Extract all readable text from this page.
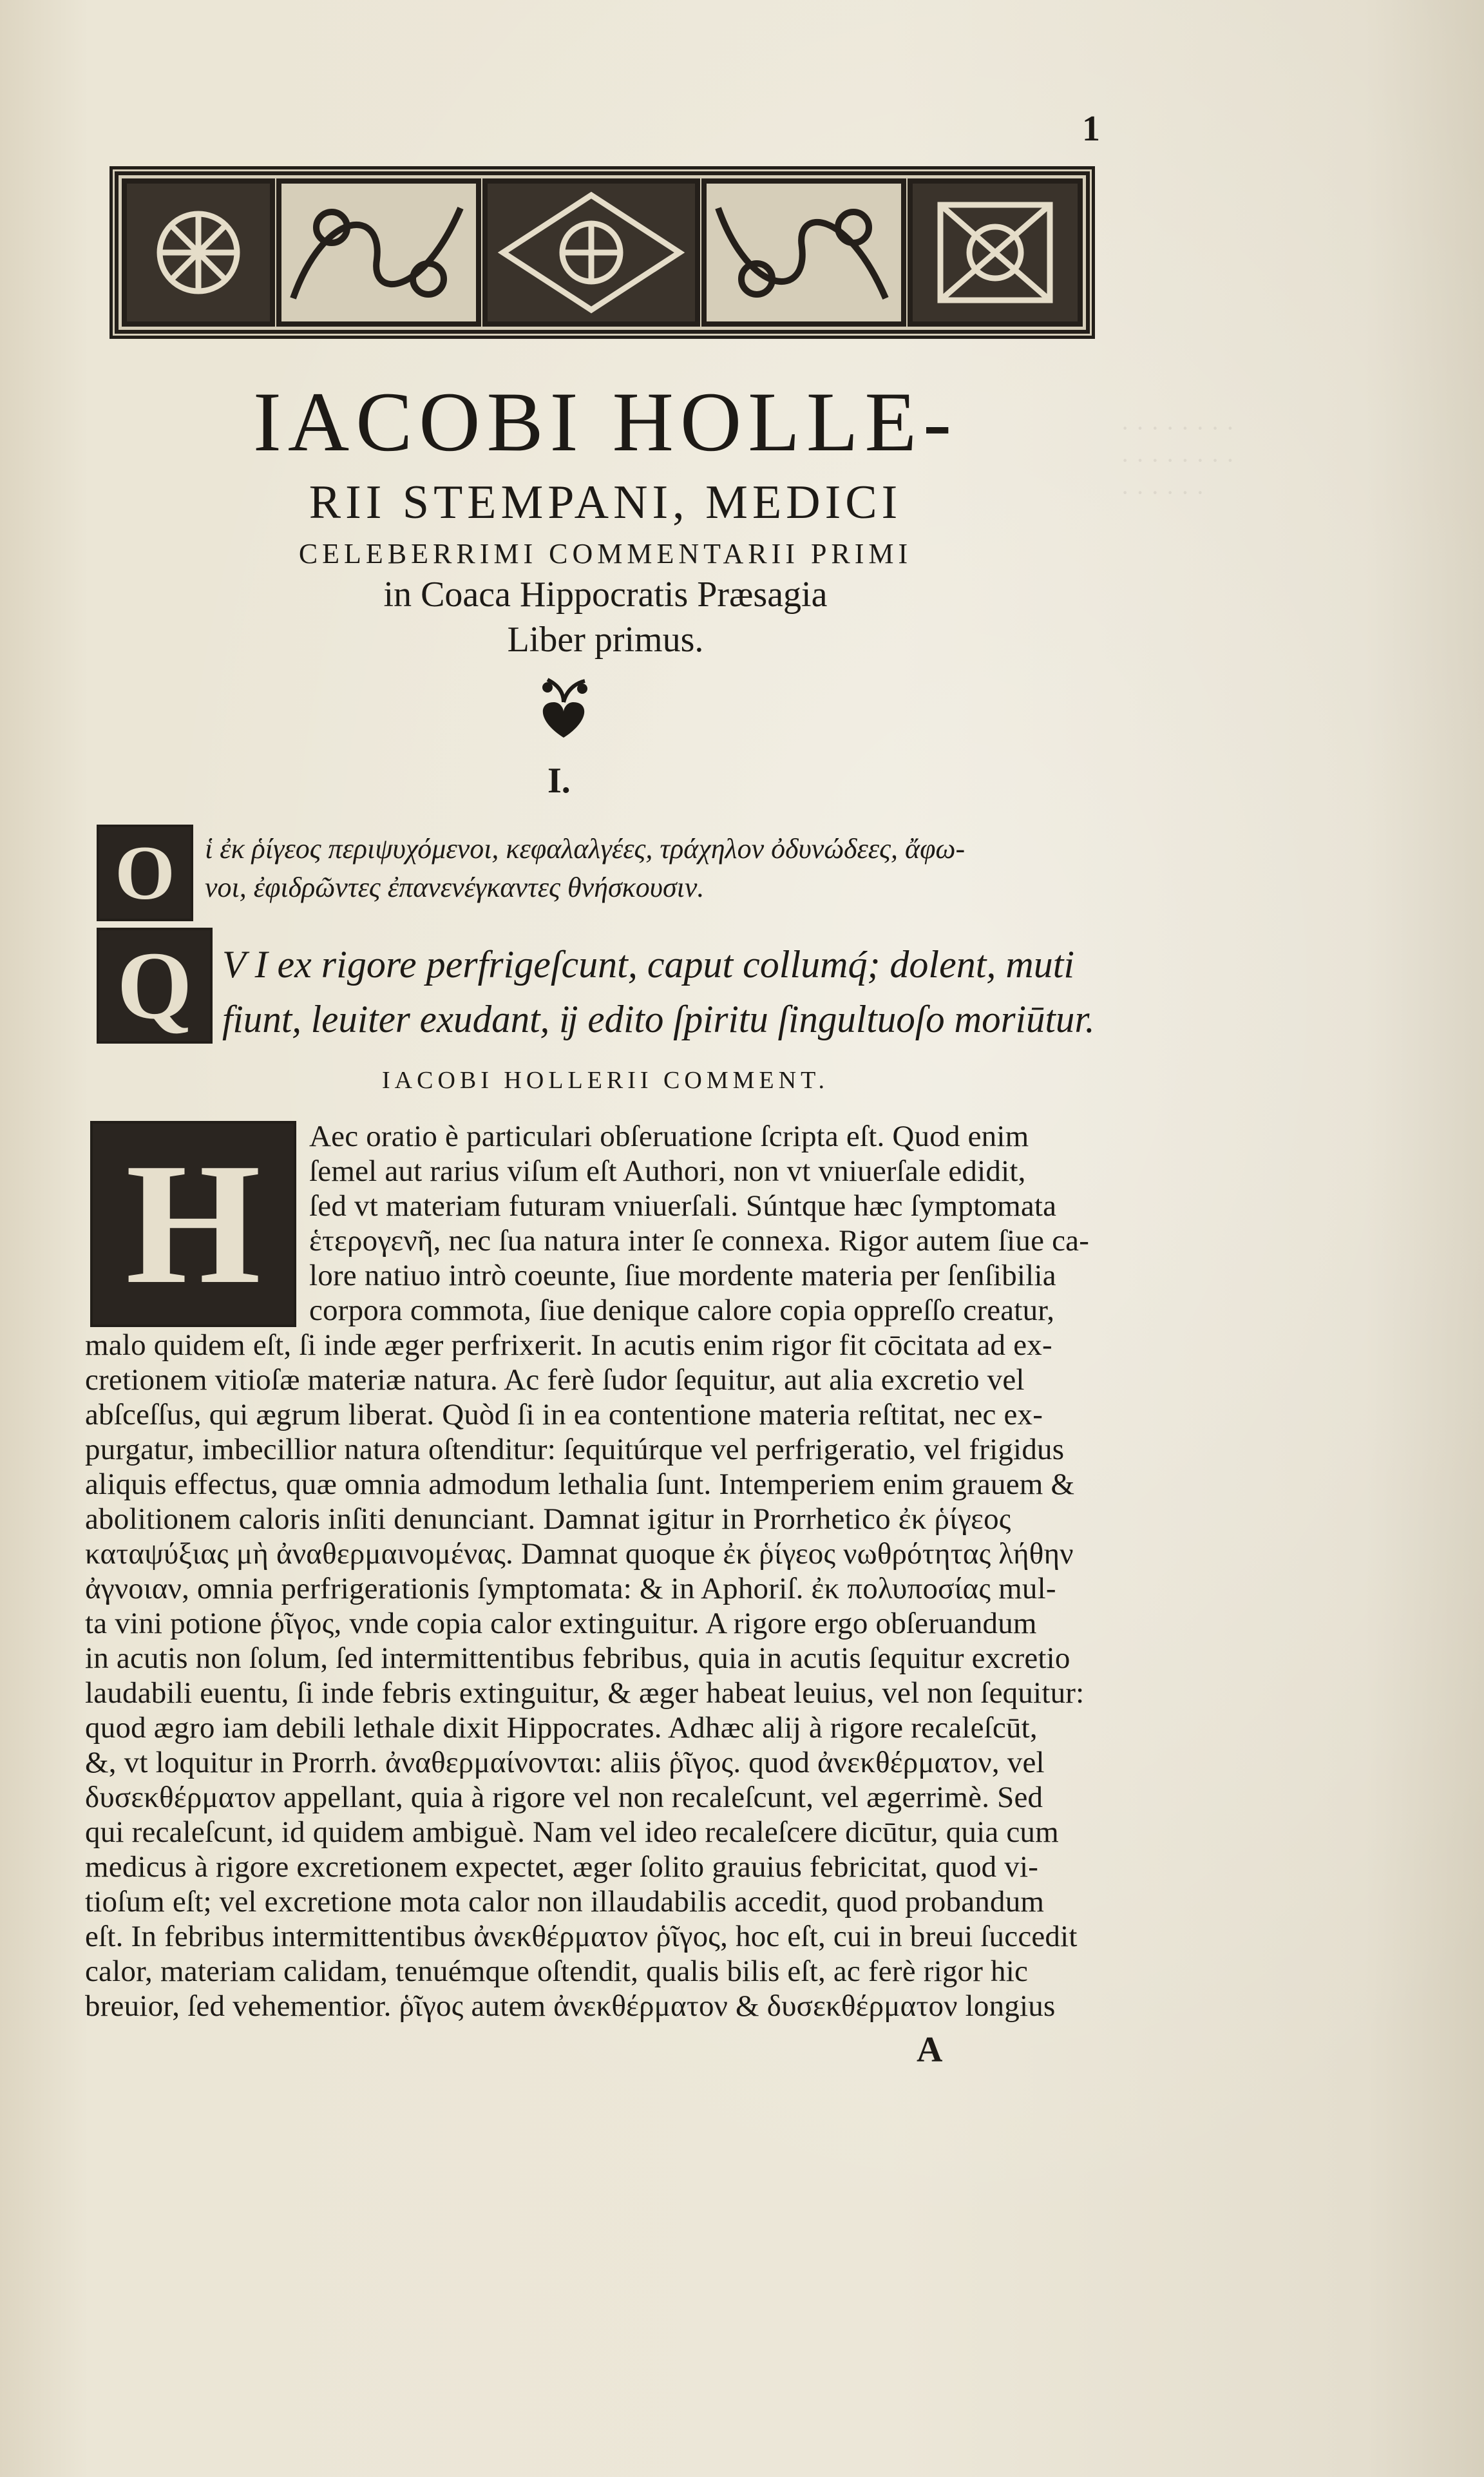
· · · · · · · ·
· · · · · · · ·
· · · · · ·
1
IACOBI HOLLE-
RII STEMPANI, MEDICI
CELEBERRIMI COMMENTARII PRIMI
in Coaca Hippocratis Præsagia
Liber primus.
I.
O	ἱ ἐκ ῥίγεος περιψυχόμενοι, κεφαλαλγέες, τράχηλον ὀδυνώδεες, ἄφω-
νοι, ἐφιδρῶντες ἐπανενέγκαντες θνήσκουσιν.
Q V I ex rigore perfrigeſcunt, caput collumq́; dolent, muti
fiunt, leuiter exudant, ĳ edito ſpiritu ſingultuoſo moriūtur.
IACOBI HOLLERII COMMENT.
H	Aec oratio è particulari obſeruatione ſcripta eſt. Quod enim
ſemel aut rarius viſum eſt Authori, non vt vniuerſale edidit,
ſed vt materiam futuram vniuerſali. Súntque hæc ſymptomata
ἑτερογενῆ, nec ſua natura inter ſe connexa. Rigor autem ſiue ca-
lore natiuo intrò coeunte, ſiue mordente materia per ſenſibilia
corpora commota, ſiue denique calore copia oppreſſo creatur,
malo quidem eſt, ſi inde æger perfrixerit. In acutis enim rigor fit cōcitata ad ex-
cretionem vitioſæ materiæ natura. Ac ferè ſudor ſequitur, aut alia excretio vel
abſceſſus, qui ægrum liberat. Quòd ſi in ea contentione materia reſtitat, nec ex-
purgatur, imbecillior natura oſtenditur: ſequitúrque vel perfrigeratio, vel frigidus
aliquis effectus, quæ omnia admodum lethalia ſunt. Intemperiem enim grauem &
abolitionem caloris inſiti denunciant. Damnat igitur in Prorrhetico ἐκ ῥίγεος
καταψύξιας μὴ ἀναθερμαινομένας. Damnat quoque ἐκ ῥίγεος νωθρότητας λήθην
ἀγνοιαν, omnia perfrigerationis ſymptomata: & in Aphoriſ. ἐκ πολυποσίας mul-
ta vini potione ῥῖγος, vnde copia calor extinguitur. A rigore ergo obſeruandum
in acutis non ſolum, ſed intermittentibus febribus, quia in acutis ſequitur excretio
laudabili euentu, ſi inde febris extinguitur, & æger habeat leuius, vel non ſequitur:
quod ægro iam debili lethale dixit Hippocrates. Adhæc alij à rigore recaleſcūt,
&, vt loquitur in Prorrh. ἀναθερμαίνονται: aliis ῥῖγος. quod ἀνεκθέρματον, vel
δυσεκθέρματον appellant, quia à rigore vel non recaleſcunt, vel ægerrimè. Sed
qui recaleſcunt, id quidem ambiguè. Nam vel ideo recaleſcere dicūtur, quia cum
medicus à rigore excretionem expectet, æger ſolito grauius febricitat, quod vi-
tioſum eſt; vel excretione mota calor non illaudabilis accedit, quod probandum
eſt. In febribus intermittentibus ἀνεκθέρματον ῥῖγος, hoc eſt, cui in breui ſuccedit
calor, materiam calidam, tenuémque oſtendit, qualis bilis eſt, ac ferè rigor hic
breuior, ſed vehementior. ῥῖγος autem ἀνεκθέρματον & δυσεκθέρματον longius
A
